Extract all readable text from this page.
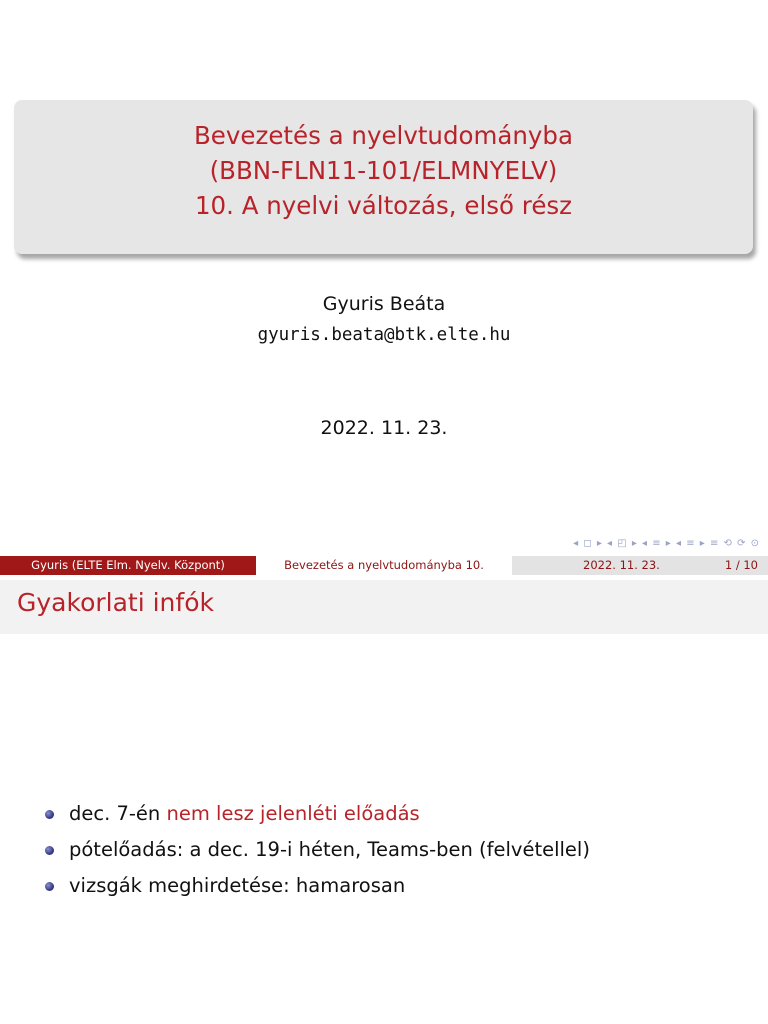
Bevezetés a nyelvtudományba
(BBN-FLN11-101/ELMNYELV)
10. A nyelvi változás, első rész
Gyuris Beáta
gyuris.beata@btk.elte.hu
2022. 11. 23.
◂ ◻ ▸ ◂ ◰ ▸ ◂ ≡ ▸ ◂ ≡ ▸ ≡ ⟲ ⟳ ⊙
Gyuris (ELTE Elm. Nyelv. Központ)	Bevezetés a nyelvtudományba 10.	2022. 11. 23.	1 / 10
Gyakorlati infók
dec. 7-én nem lesz jelenléti előadás
pótelőadás: a dec. 19-i héten, Teams-ben (felvétellel)
vizsgák meghirdetése: hamarosan
